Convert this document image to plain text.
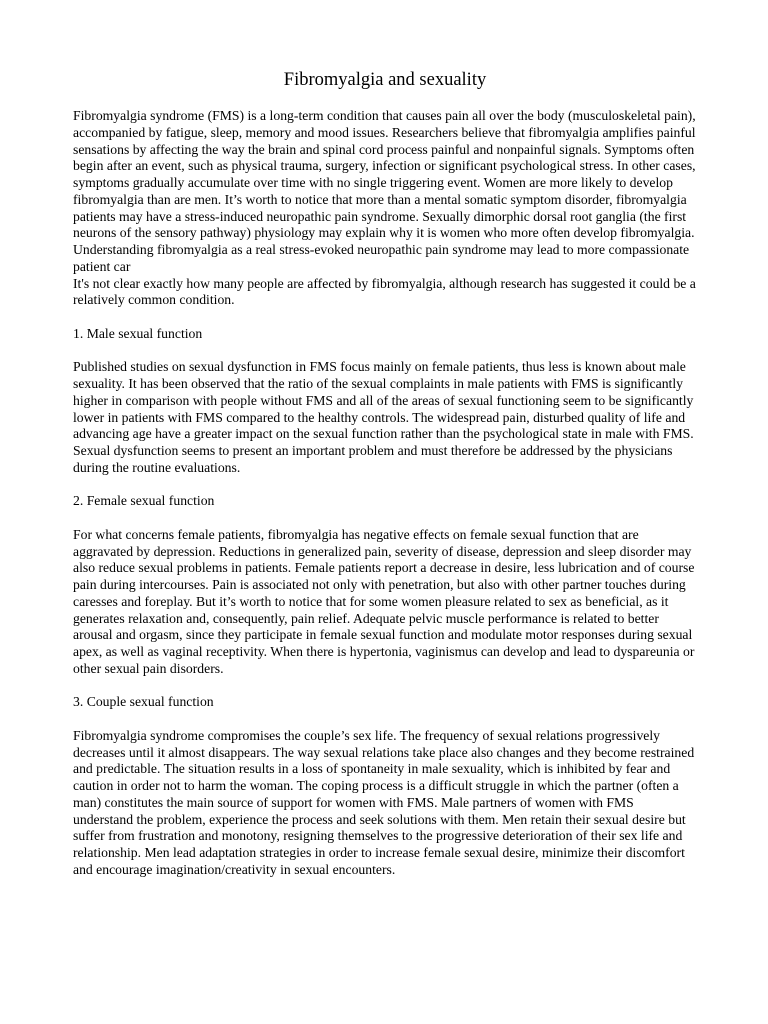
Fibromyalgia and sexuality

Fibromyalgia syndrome (FMS) is a long-term condition that causes pain all over the body (musculoskeletal pain), accompanied by fatigue, sleep, memory and mood issues. Researchers believe that fibromyalgia amplifies painful sensations by affecting the way the brain and spinal cord process painful and nonpainful signals. Symptoms often begin after an event, such as physical trauma, surgery, infection or significant psychological stress. In other cases, symptoms gradually accumulate over time with no single triggering event. Women are more likely to develop fibromyalgia than are men. It’s worth to notice that more than a mental somatic symptom disorder, fibromyalgia patients may have a stress-induced neuropathic pain syndrome. Sexually dimorphic dorsal root ganglia (the first neurons of the sensory pathway) physiology may explain why it is women who more often develop fibromyalgia. Understanding fibromyalgia as a real stress-evoked neuropathic pain syndrome may lead to more compassionate patient car

It's not clear exactly how many people are affected by fibromyalgia, although research has suggested it could be a relatively common condition.

1. Male sexual function

Published studies on sexual dysfunction in FMS focus mainly on female patients, thus less is known about male sexuality. It has been observed that the ratio of the sexual complaints in male patients with FMS is significantly higher in comparison with people without FMS and all of the areas of sexual functioning seem to be significantly lower in patients with FMS compared to the healthy controls. The widespread pain, disturbed quality of life and advancing age have a greater impact on the sexual function rather than the psychological state in male with FMS. Sexual dysfunction seems to present an important problem and must therefore be addressed by the physicians during the routine evaluations.

2. Female sexual function

For what concerns female patients, fibromyalgia has negative effects on female sexual function that are aggravated by depression. Reductions in generalized pain, severity of disease, depression and sleep disorder may also reduce sexual problems in patients. Female patients report a decrease in desire, less lubrication and of course pain during intercourses. Pain is associated not only with penetration, but also with other partner touches during caresses and foreplay. But it’s worth to notice that for some women pleasure related to sex as beneficial, as it generates relaxation and, consequently, pain relief. Adequate pelvic muscle performance is related to better arousal and orgasm, since they participate in female sexual function and modulate motor responses during sexual apex, as well as vaginal receptivity. When there is hypertonia, vaginismus can develop and lead to dyspareunia or other sexual pain disorders.

3. Couple sexual function

Fibromyalgia syndrome compromises the couple’s sex life. The frequency of sexual relations progressively decreases until it almost disappears. The way sexual relations take place also changes and they become restrained and predictable. The situation results in a loss of spontaneity in male sexuality, which is inhibited by fear and caution in order not to harm the woman. The coping process is a difficult struggle in which the partner (often a man) constitutes the main source of support for women with FMS. Male partners of women with FMS understand the problem, experience the process and seek solutions with them. Men retain their sexual desire but suffer from frustration and monotony, resigning themselves to the progressive deterioration of their sex life and relationship. Men lead adaptation strategies in order to increase female sexual desire, minimize their discomfort and encourage imagination/creativity in sexual encounters.
